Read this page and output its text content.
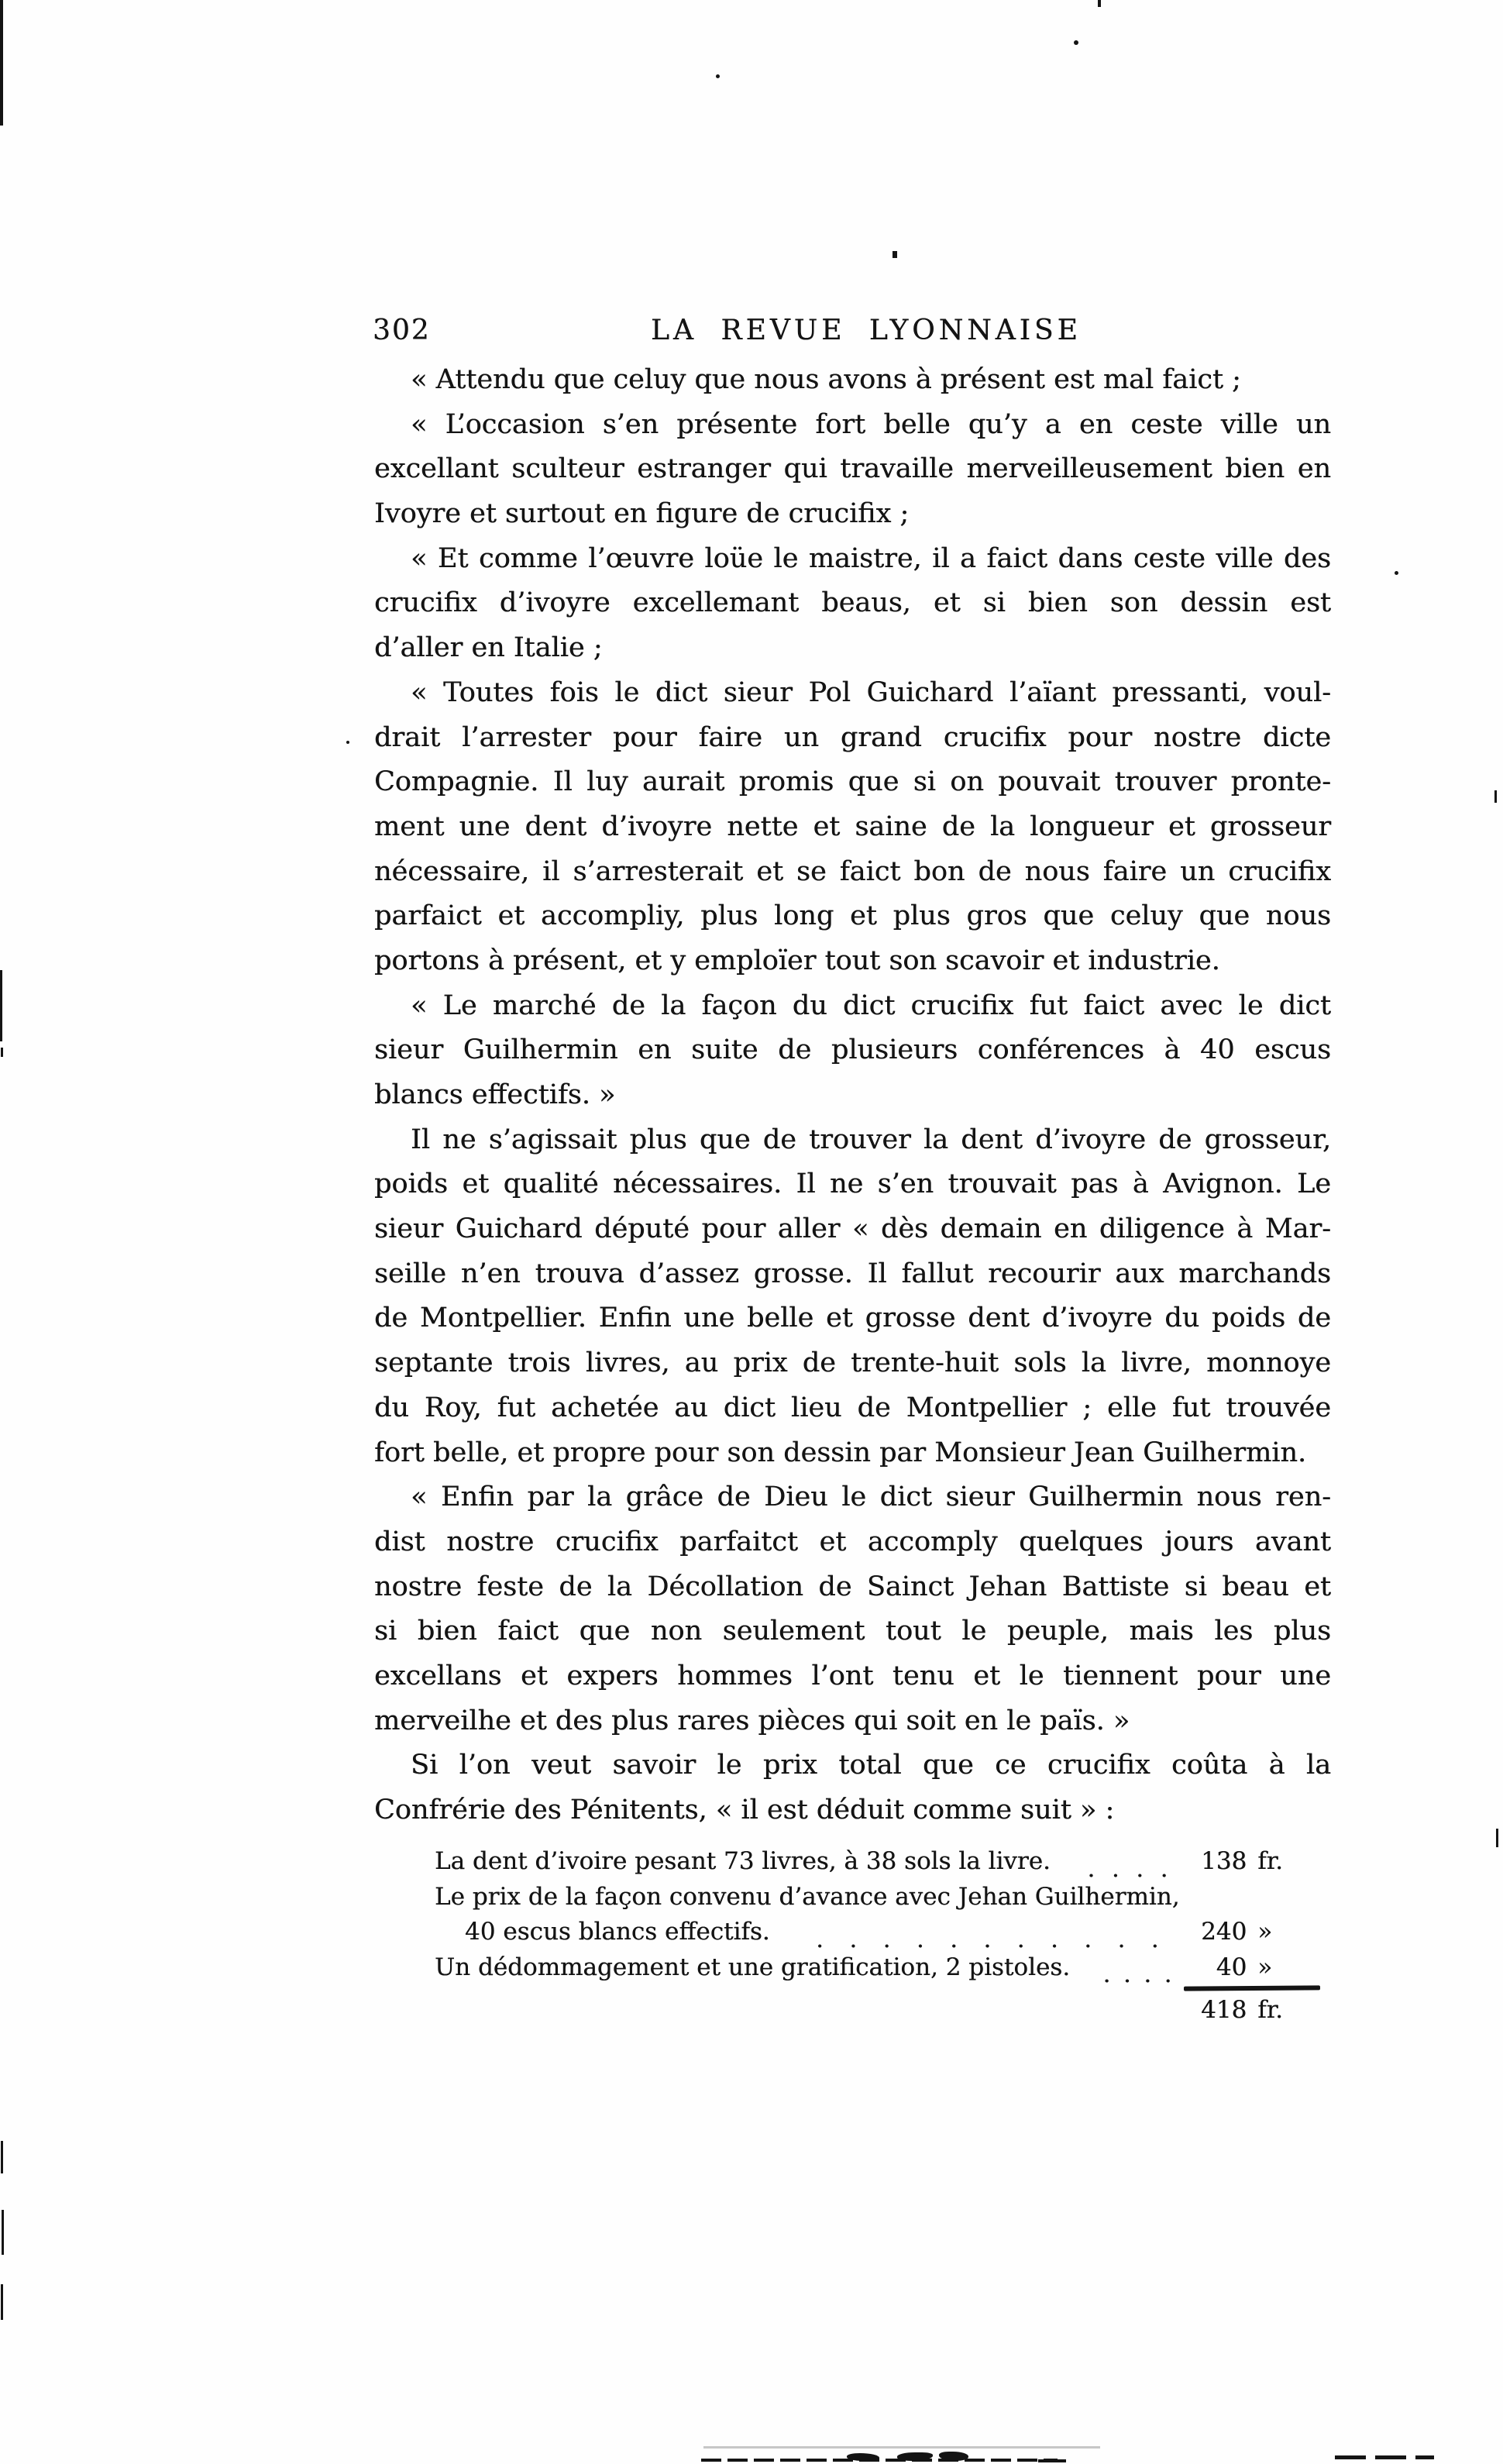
302	LA REVUE LYONNAISE
« Attendu que celuy que nous avons à présent est mal faict ;
« L’occasion s’en présente fort belle qu’y a en ceste ville un
excellant sculteur estranger qui travaille merveilleusement bien en
Ivoyre et surtout en figure de crucifix ;
« Et comme l’œuvre loüe le maistre, il a faict dans ceste ville des
crucifix d’ivoyre excellemant beaus, et si bien son dessin est
d’aller en Italie ;
« Toutes fois le dict sieur Pol Guichard l’aïant pressanti, voul-
drait l’arrester pour faire un grand crucifix pour nostre dicte
Compagnie. Il luy aurait promis que si on pouvait trouver pronte-
ment une dent d’ivoyre nette et saine de la longueur et grosseur
nécessaire, il s’arresterait et se faict bon de nous faire un crucifix
parfaict et accompliy, plus long et plus gros que celuy que nous
portons à présent, et y emploïer tout son scavoir et industrie.
« Le marché de la façon du dict crucifix fut faict avec le dict
sieur Guilhermin en suite de plusieurs conférences à 40 escus
blancs effectifs. »
Il ne s’agissait plus que de trouver la dent d’ivoyre de grosseur,
poids et qualité nécessaires. Il ne s’en trouvait pas à Avignon. Le
sieur Guichard député pour aller « dès demain en diligence à Mar-
seille n’en trouva d’assez grosse. Il fallut recourir aux marchands
de Montpellier. Enfin une belle et grosse dent d’ivoyre du poids de
septante trois livres, au prix de trente-huit sols la livre, monnoye
du Roy, fut achetée au dict lieu de Montpellier ; elle fut trouvée
fort belle, et propre pour son dessin par Monsieur Jean Guilhermin.
« Enfin par la grâce de Dieu le dict sieur Guilhermin nous ren-
dist nostre crucifix parfaitct et accomply quelques jours avant
nostre feste de la Décollation de Sainct Jehan Battiste si beau et
si bien faict que non seulement tout le peuple, mais les plus
excellans et expers hommes l’ont tenu et le tiennent pour une
merveilhe et des plus rares pièces qui soit en le païs. »
Si l’on veut savoir le prix total que ce crucifix coûta à la
Confrérie des Pénitents, « il est déduit comme suit » :
La dent d’ivoire pesant 73 livres, à 38 sols la livre. . . . . 138 fr.
Le prix de la façon convenu d’avance avec Jehan Guilhermin,
40 escus blancs effectifs. . . . . . . . . . . . 240 »
Un dédommagement et une gratification, 2 pistoles. . . . .	40 »
418 fr.
